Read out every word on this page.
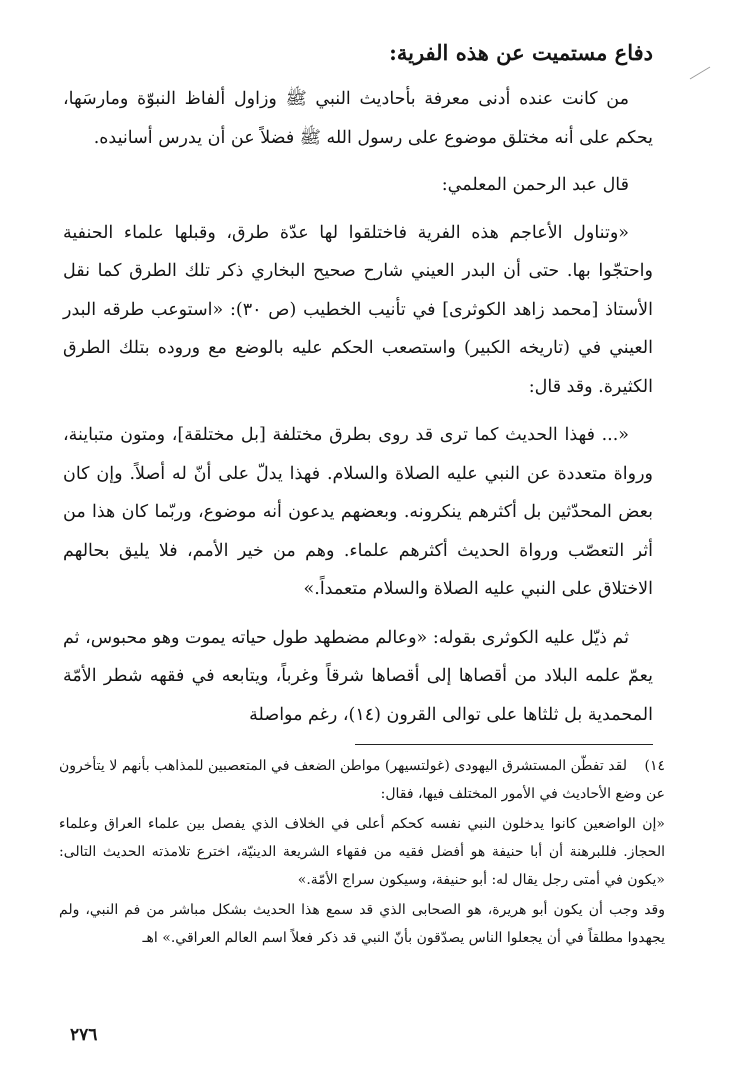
دفاع مستميت عن هذه الفرية:

من كانت عنده أدنى معرفة بأحاديث النبي ﷺ وزاول ألفاظ النبوّة ومارسَها، يحكم على أنه مختلق موضوع على رسول الله ﷺ فضلاً عن أن يدرس أسانيده.

قال عبد الرحمن المعلمي:

«وتناول الأعاجم هذه الفرية فاختلقوا لها عدّة طرق، وقبلها علماء الحنفية واحتجّوا بها. حتى أن البدر العيني شارح صحيح البخاري ذكر تلك الطرق كما نقل الأستاذ [محمد زاهد الكوثرى] في تأنيب الخطيب (ص ٣٠): «استوعب طرقه البدر العيني في (تاريخه الكبير) واستصعب الحكم عليه بالوضع مع وروده بتلك الطرق الكثيرة. وقد قال:

«... فهذا الحديث كما ترى قد روى بطرق مختلفة [بل مختلقة]، ومتون متباينة، ورواة متعددة عن النبي عليه الصلاة والسلام. فهذا يدلّ على أنّ له أصلاً. وإن كان بعض المحدّثين بل أكثرهم ينكرونه. وبعضهم يدعون أنه موضوع، وربّما كان هذا من أثر التعصّب ورواة الحديث أكثرهم علماء. وهم من خير الأمم، فلا يليق بحالهم الاختلاق على النبي عليه الصلاة والسلام متعمداً.»

ثم ذيّل عليه الكوثرى بقوله: «وعالم مضطهد طول حياته يموت وهو محبوس، ثم يعمّ علمه البلاد من أقصاها إلى أقصاها شرقاً وغرباً، ويتابعه في فقهه شطر الأمّة المحمدية بل ثلثاها على توالى القرون (١٤)، رغم مواصلة

١٤)لقد تفطّن المستشرق اليهودى (غولتسيهر) مواطن الضعف في المتعصبين للمذاهب بأنهم لا يتأخرون عن وضع الأحاديث في الأمور المختلف فيها، فقال:

«إن الواضعين كانوا يدخلون النبي نفسه كحكم أعلى في الخلاف الذي يفصل بين علماء العراق وعلماء الحجاز. فللبرهنة أن أبا حنيفة هو أفضل فقيه من فقهاء الشريعة الدينيّة، اخترع تلامذته الحديث التالى: «يكون في أمتى رجل يقال له: أبو حنيفة، وسيكون سراج الأمّة.»

وقد وجب أن يكون أبو هريرة، هو الصحابى الذي قد سمع هذا الحديث بشكل مباشر من فم النبي، ولم يجهدوا مطلقاً في أن يجعلوا الناس يصدّقون بأنّ النبي قد ذكر فعلاً اسم العالم العراقي.» اهـ

٢٧٦
